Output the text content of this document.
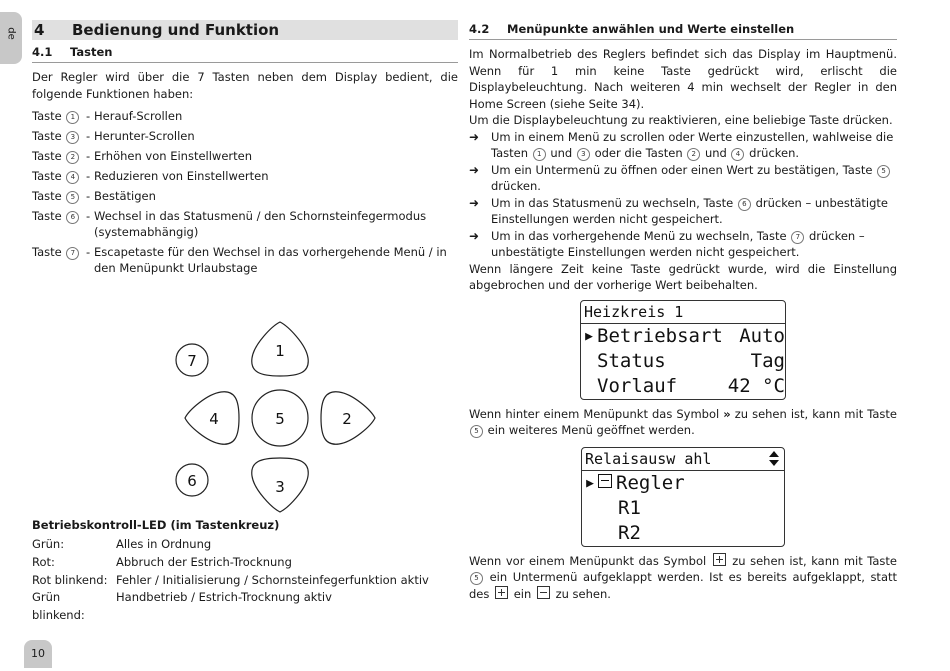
de
10
4	Bedienung und Funktion
4.1	Tasten

Der Regler wird über die 7 Tasten neben dem Display bedient, die folgende Funktionen haben:

Taste 1 - Herauf-Scrollen
Taste 3 - Herunter-Scrollen
Taste 2 - Erhöhen von Einstellwerten
Taste 4 - Reduzieren von Einstellwerten
Taste 5 - Bestätigen
Taste 6 - Wechsel in das Statusmenü / den Schornsteinfegermodus (systemabhängig)
Taste 7 - Escapetaste für den Wechsel in das vorhergehende Menü / in den Menüpunkt Urlaubstage
1
3
4	2
5
7
6
Betriebskontroll-LED (im Tastenkreuz)
Grün:	Alles in Ordnung
Rot:	Abbruch der Estrich-Trocknung
Rot blinkend: Fehler / Initialisierung / Schornsteinfegerfunktion aktiv
Grün blinkend:
Handbetrieb / Estrich-Trocknung aktiv
4.2	Menüpunkte anwählen und Werte einstellen

Im Normalbetrieb des Reglers befindet sich das Display im Hauptmenü. Wenn für 1 min keine Taste gedrückt wird, erlischt die Displaybeleuchtung. Nach weiteren 4 min wechselt der Regler in den Home Screen (siehe Seite 34).

Um die Displaybeleuchtung zu reaktivieren, eine beliebige Taste drücken.

➜	Um in einem Menü zu scrollen oder Werte einzustellen, wahlweise die Tasten 1 und 3 oder die Tasten 2 und 4 drücken.
➜	Um ein Untermenü zu öffnen oder einen Wert zu bestätigen, Taste 5 drücken.
➜	Um in das Statusmenü zu wechseln, Taste 6 drücken – unbestätigte Einstellungen werden nicht gespeichert.
➜	Um in das vorhergehende Menü zu wechseln, Taste 7 drücken – unbestätigte Einstellungen werden nicht gespeichert.

Wenn längere Zeit keine Taste gedrückt wurde, wird die Einstellung abgebrochen und der vorherige Wert beibehalten.

Heizkreis 1
▶ Betriebsart Auto
Status	Tag
Vorlauf	42 °C

Wenn hinter einem Menüpunkt das Symbol » zu sehen ist, kann mit Taste 5 ein weiteres Menü geöffnet werden.

Relaisausw ahl
▶	Regler
R1
R2

Wenn vor einem Menüpunkt das Symbol zu sehen ist, kann mit Taste 5 ein Untermenü aufgeklappt werden. Ist es bereits aufgeklappt, statt des ein zu sehen.
